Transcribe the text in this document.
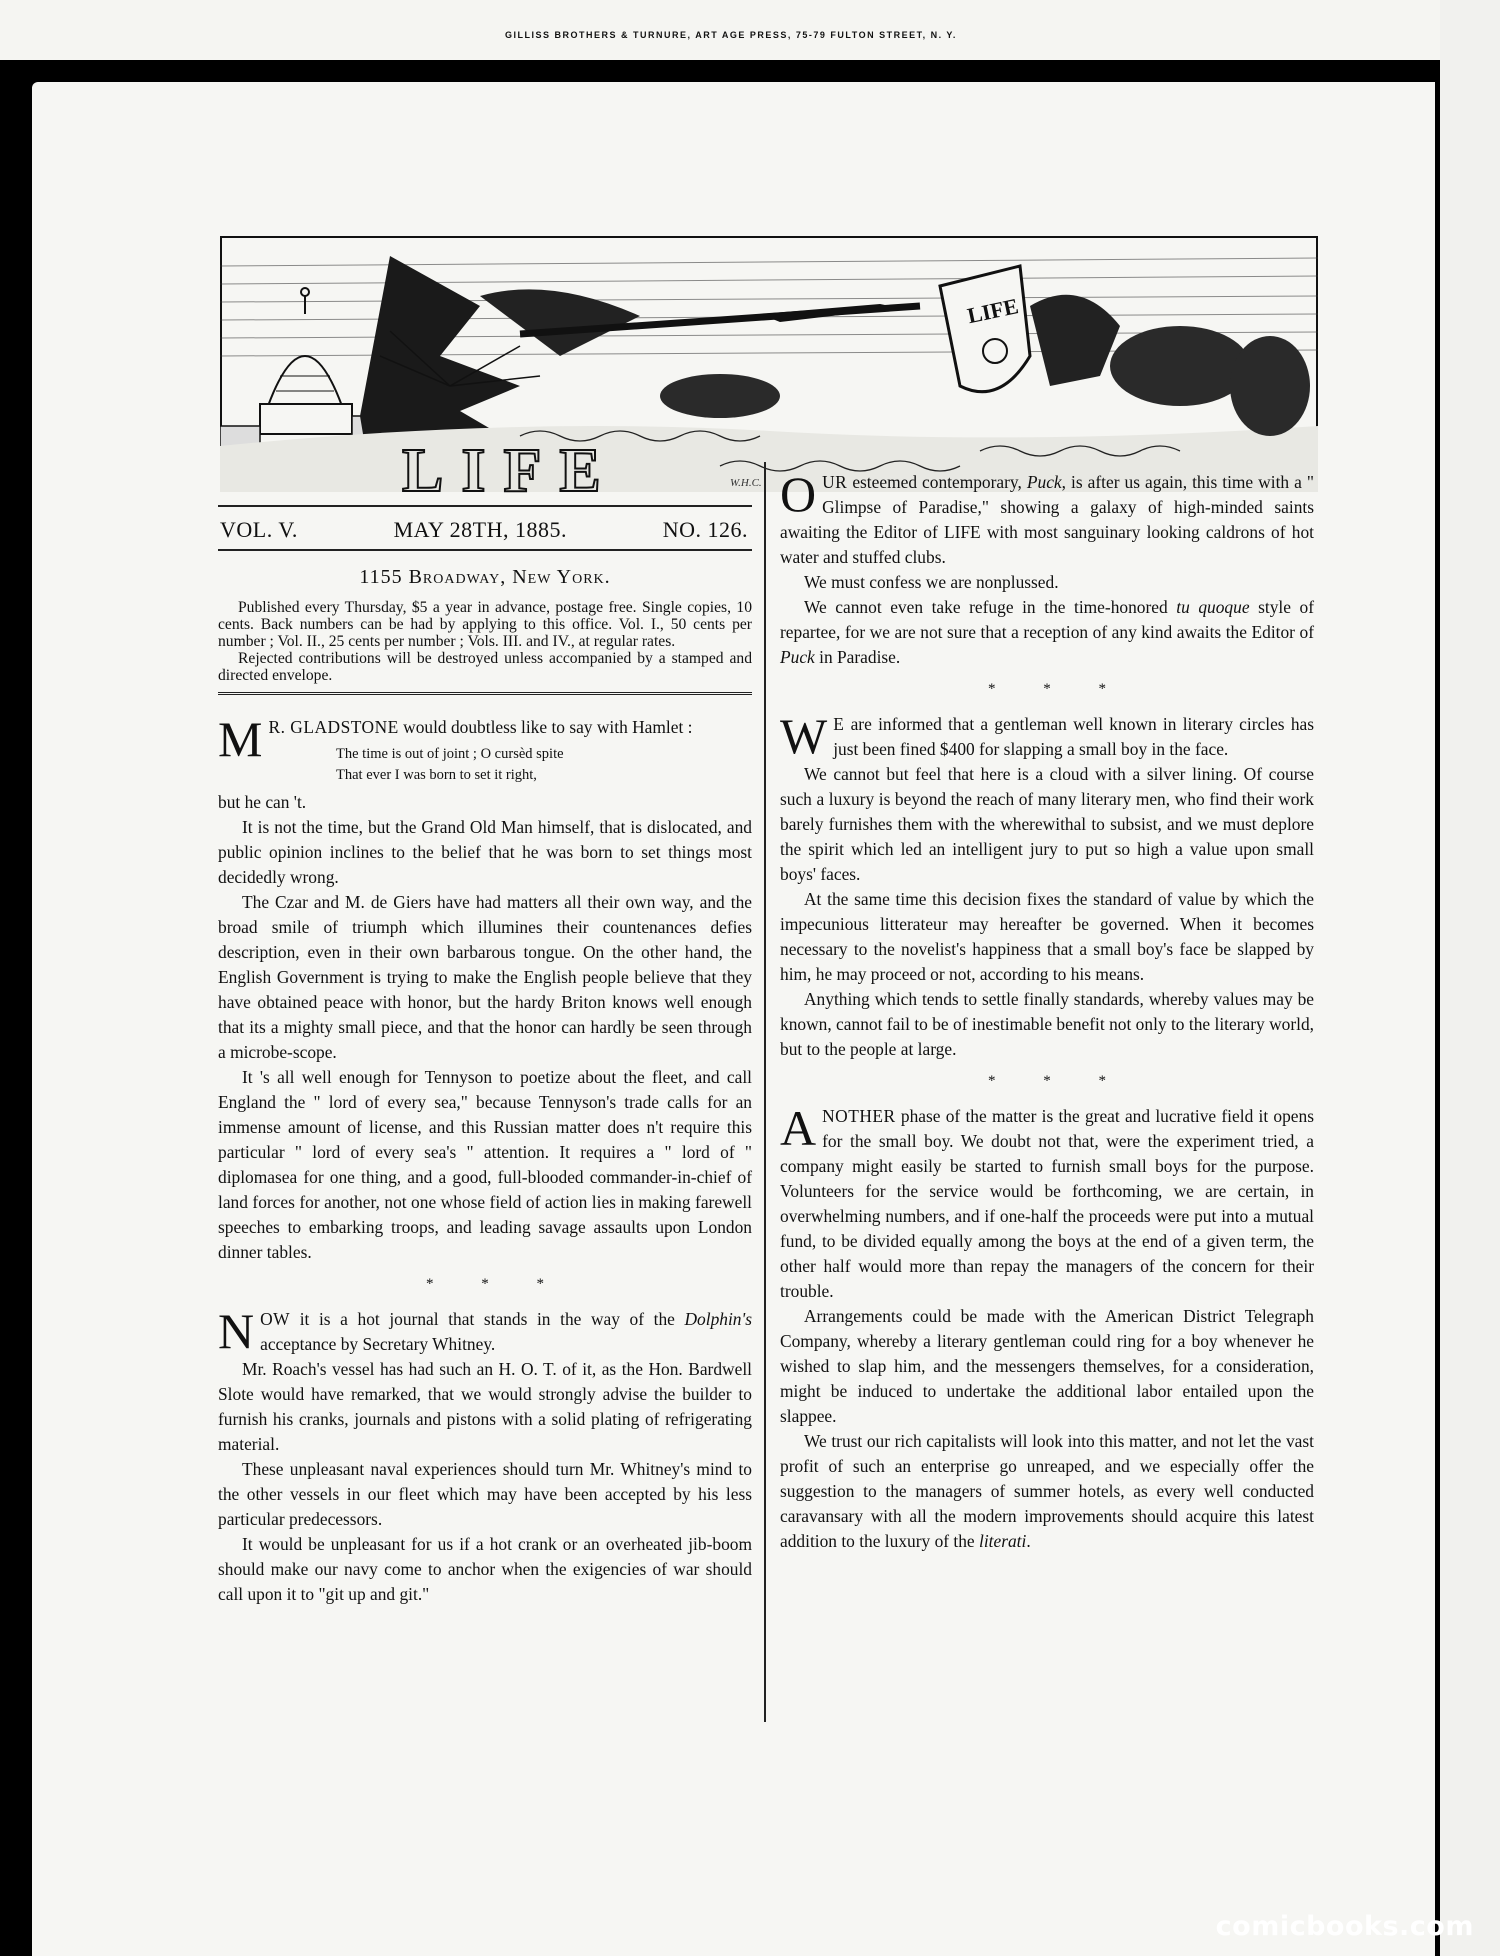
GILLISS BROTHERS & TURNURE, ART AGE PRESS, 75-79 FULTON STREET, N. Y.
LIFE
W.H.C.
LIFE
VOL. V.	MAY 28TH, 1885.	NO. 126.
1155 Broadway, New York.

Published every Thursday, $5 a year in advance, postage free. Single copies, 10 cents. Back numbers can be had by applying to this office. Vol. I., 50 cents per number ; Vol. II., 25 cents per number ; Vols. III. and IV., at regular rates.

Rejected contributions will be destroyed unless accompanied by a stamped and directed envelope.

M R. GLADSTONE would doubtless like to say with Hamlet :

The time is out of joint ; O cursèd spite
That ever I was born to set it right,

but he can 't.

It is not the time, but the Grand Old Man himself, that is dislocated, and public opinion inclines to the belief that he was born to set things most decidedly wrong.

The Czar and M. de Giers have had matters all their own way, and the broad smile of triumph which illumines their countenances defies description, even in their own barbarous tongue. On the other hand, the English Government is trying to make the English people believe that they have obtained peace with honor, but the hardy Briton knows well enough that its a mighty small piece, and that the honor can hardly be seen through a microbe-scope.

It 's all well enough for Tennyson to poetize about the fleet, and call England the " lord of every sea," because Tennyson's trade calls for an immense amount of license, and this Russian matter does n't require this particular " lord of every sea's " attention. It requires a " lord of " diplomasea for one thing, and a good, full-blooded commander-in-chief of land forces for another, not one whose field of action lies in making farewell speeches to embarking troops, and leading savage assaults upon London dinner tables.

* * *

NOW it is a hot journal that stands in the way of the Dolphin's acceptance by Secretary Whitney.

Mr. Roach's vessel has had such an H. O. T. of it, as the Hon. Bardwell Slote would have remarked, that we would strongly advise the builder to furnish his cranks, journals and pistons with a solid plating of refrigerating material.

These unpleasant naval experiences should turn Mr. Whitney's mind to the other vessels in our fleet which may have been accepted by his less particular predecessors.

It would be unpleasant for us if a hot crank or an overheated jib-boom should make our navy come to anchor when the exigencies of war should call upon it to "git up and git."

OUR esteemed contemporary, Puck, is after us again, this time with a " Glimpse of Paradise," showing a galaxy of high-minded saints awaiting the Editor of LIFE with most sanguinary looking caldrons of hot water and stuffed clubs.

We must confess we are nonplussed.

We cannot even take refuge in the time-honored tu quoque style of repartee, for we are not sure that a reception of any kind awaits the Editor of Puck in Paradise.

* * *

W E are informed that a gentleman well known in literary circles has just been fined $400 for slapping a small boy in the face.

We cannot but feel that here is a cloud with a silver lining. Of course such a luxury is beyond the reach of many literary men, who find their work barely furnishes them with the wherewithal to subsist, and we must deplore the spirit which led an intelligent jury to put so high a value upon small boys' faces.

At the same time this decision fixes the standard of value by which the impecunious litterateur may hereafter be governed. When it becomes necessary to the novelist's happiness that a small boy's face be slapped by him, he may proceed or not, according to his means.

Anything which tends to settle finally standards, whereby values may be known, cannot fail to be of inestimable benefit not only to the literary world, but to the people at large.

* * *

ANOTHER phase of the matter is the great and lucrative field it opens for the small boy. We doubt not that, were the experiment tried, a company might easily be started to furnish small boys for the purpose. Volunteers for the service would be forthcoming, we are certain, in overwhelming numbers, and if one-half the proceeds were put into a mutual fund, to be divided equally among the boys at the end of a given term, the other half would more than repay the managers of the concern for their trouble.

Arrangements could be made with the American District Telegraph Company, whereby a literary gentleman could ring for a boy whenever he wished to slap him, and the messengers themselves, for a consideration, might be induced to undertake the additional labor entailed upon the slappee.

We trust our rich capitalists will look into this matter, and not let the vast profit of such an enterprise go unreaped, and we especially offer the suggestion to the managers of summer hotels, as every well conducted caravansary with all the modern improvements should acquire this latest addition to the luxury of the literati.

comicbooks.com
